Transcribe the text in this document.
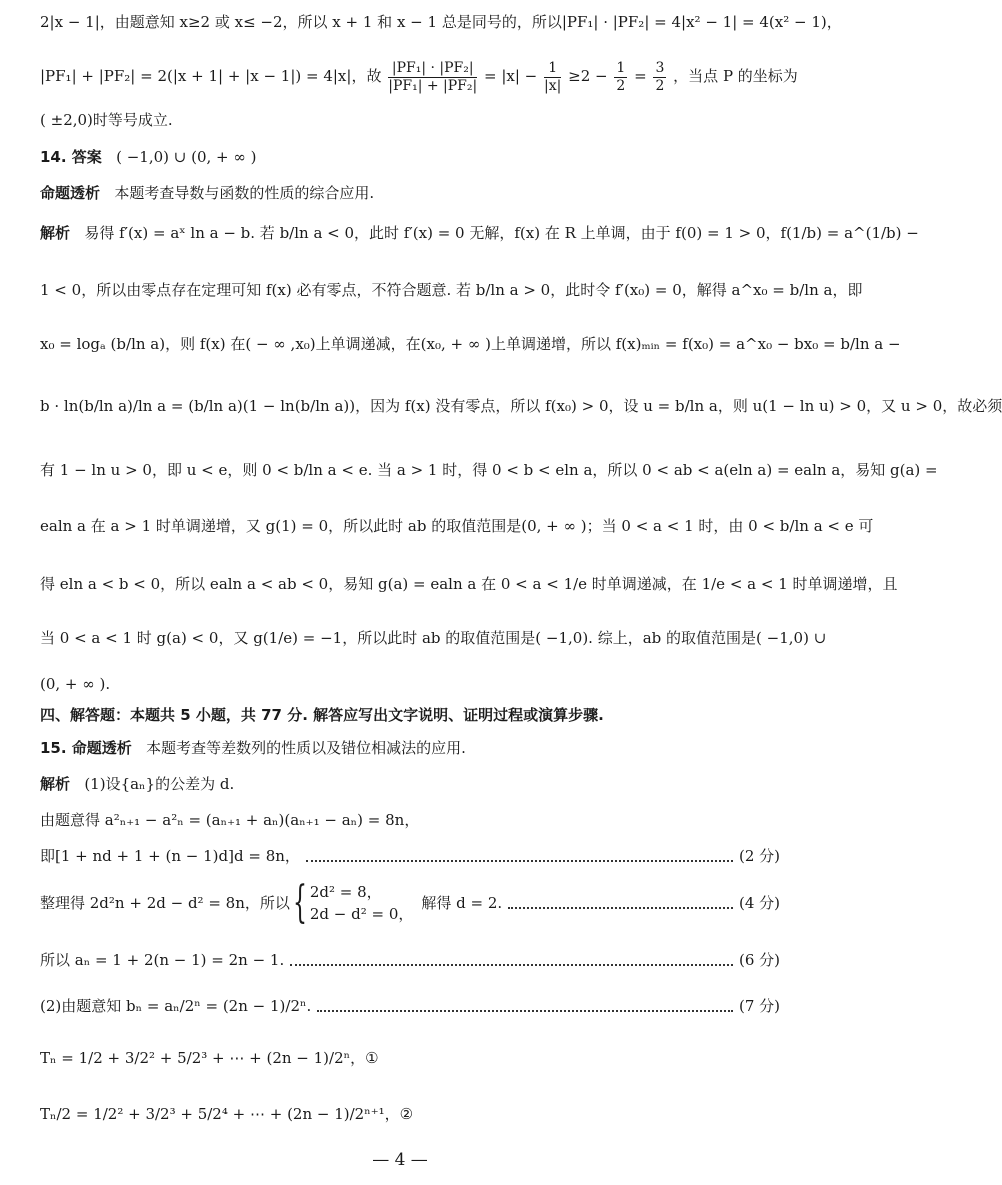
2|x − 1|，由题意知 x≥2 或 x≤ −2，所以 x + 1 和 x − 1 总是同号的，所以|PF₁| · |PF₂| = 4|x² − 1| = 4(x² − 1)，
|PF₁| + |PF₂| = 2(|x + 1| + |x − 1|) = 4|x|，故 $\frac{\text{|PF₁| · |PF₂|}}{\text{|PF₁| + |PF₂|}} = |x| - \frac{1}{|x|} \ge 2 - \frac{1}{2} = \frac{3}{2}$ ，当点 P 的坐标为
( ±2,0)时等号成立.
14. 答案 ( −1,0) ∪ (0, + ∞ )
命题透析 本题考查导数与函数的性质的综合应用.
解析 易得 f′(x) = aˣ ln a − b. 若 b/ln a < 0，此时 f′(x) = 0 无解，f(x) 在 R 上单调，由于 f(0) = 1 > 0，f(1/b) = a^(1/b) −
1 < 0，所以由零点存在定理可知 f(x) 必有零点，不符合题意. 若 b/ln a > 0，此时令 f′(x₀) = 0，解得 a^x₀ = b/ln a，即
x₀ = logₐ (b/ln a)，则 f(x) 在( − ∞ ,x₀)上单调递减，在(x₀, + ∞ )上单调递增，所以 f(x)ₘᵢₙ = f(x₀) = a^x₀ − bx₀ = b/ln a −
b · ln(b/ln a)/ln a = (b/ln a)(1 − ln(b/ln a))，因为 f(x) 没有零点，所以 f(x₀) > 0，设 u = b/ln a，则 u(1 − ln u) > 0，又 u > 0，故必须
有 1 − ln u > 0，即 u < e，则 0 < b/ln a < e. 当 a > 1 时，得 0 < b < eln a，所以 0 < ab < a(eln a) = ealn a，易知 g(a) =
ealn a 在 a > 1 时单调递增，又 g(1) = 0，所以此时 ab 的取值范围是(0, + ∞ )；当 0 < a < 1 时，由 0 < b/ln a < e 可
得 eln a < b < 0，所以 ealn a < ab < 0，易知 g(a) = ealn a 在 0 < a < 1/e 时单调递减，在 1/e < a < 1 时单调递增，且
当 0 < a < 1 时 g(a) < 0，又 g(1/e) = −1，所以此时 ab 的取值范围是( −1,0). 综上，ab 的取值范围是( −1,0) ∪
(0, + ∞ ).
四、解答题：本题共 5 小题，共 77 分. 解答应写出文字说明、证明过程或演算步骤.
15. 命题透析 本题考查等差数列的性质以及错位相减法的应用.
解析 (1)设{aₙ}的公差为 d.
由题意得 a²ₙ₊₁ − a²ₙ = (aₙ₊₁ + aₙ)(aₙ₊₁ − aₙ) = 8n，
即[1 + nd + 1 + (n − 1)d]d = 8n，	(2 分)
整理得 2d²n + 2d − d² = 8n，所以 { 2d² = 8，
2d − d² = 0，
解得 d = 2.	(4 分)
所以 aₙ = 1 + 2(n − 1) = 2n − 1.	(6 分)
(2)由题意知 bₙ = aₙ/2ⁿ = (2n − 1)/2ⁿ.	(7 分)
Tₙ = 1/2 + 3/2² + 5/2³ + ⋯ + (2n − 1)/2ⁿ，①
Tₙ/2 = 1/2² + 3/2³ + 5/2⁴ + ⋯ + (2n − 1)/2ⁿ⁺¹，②
— 4 —
